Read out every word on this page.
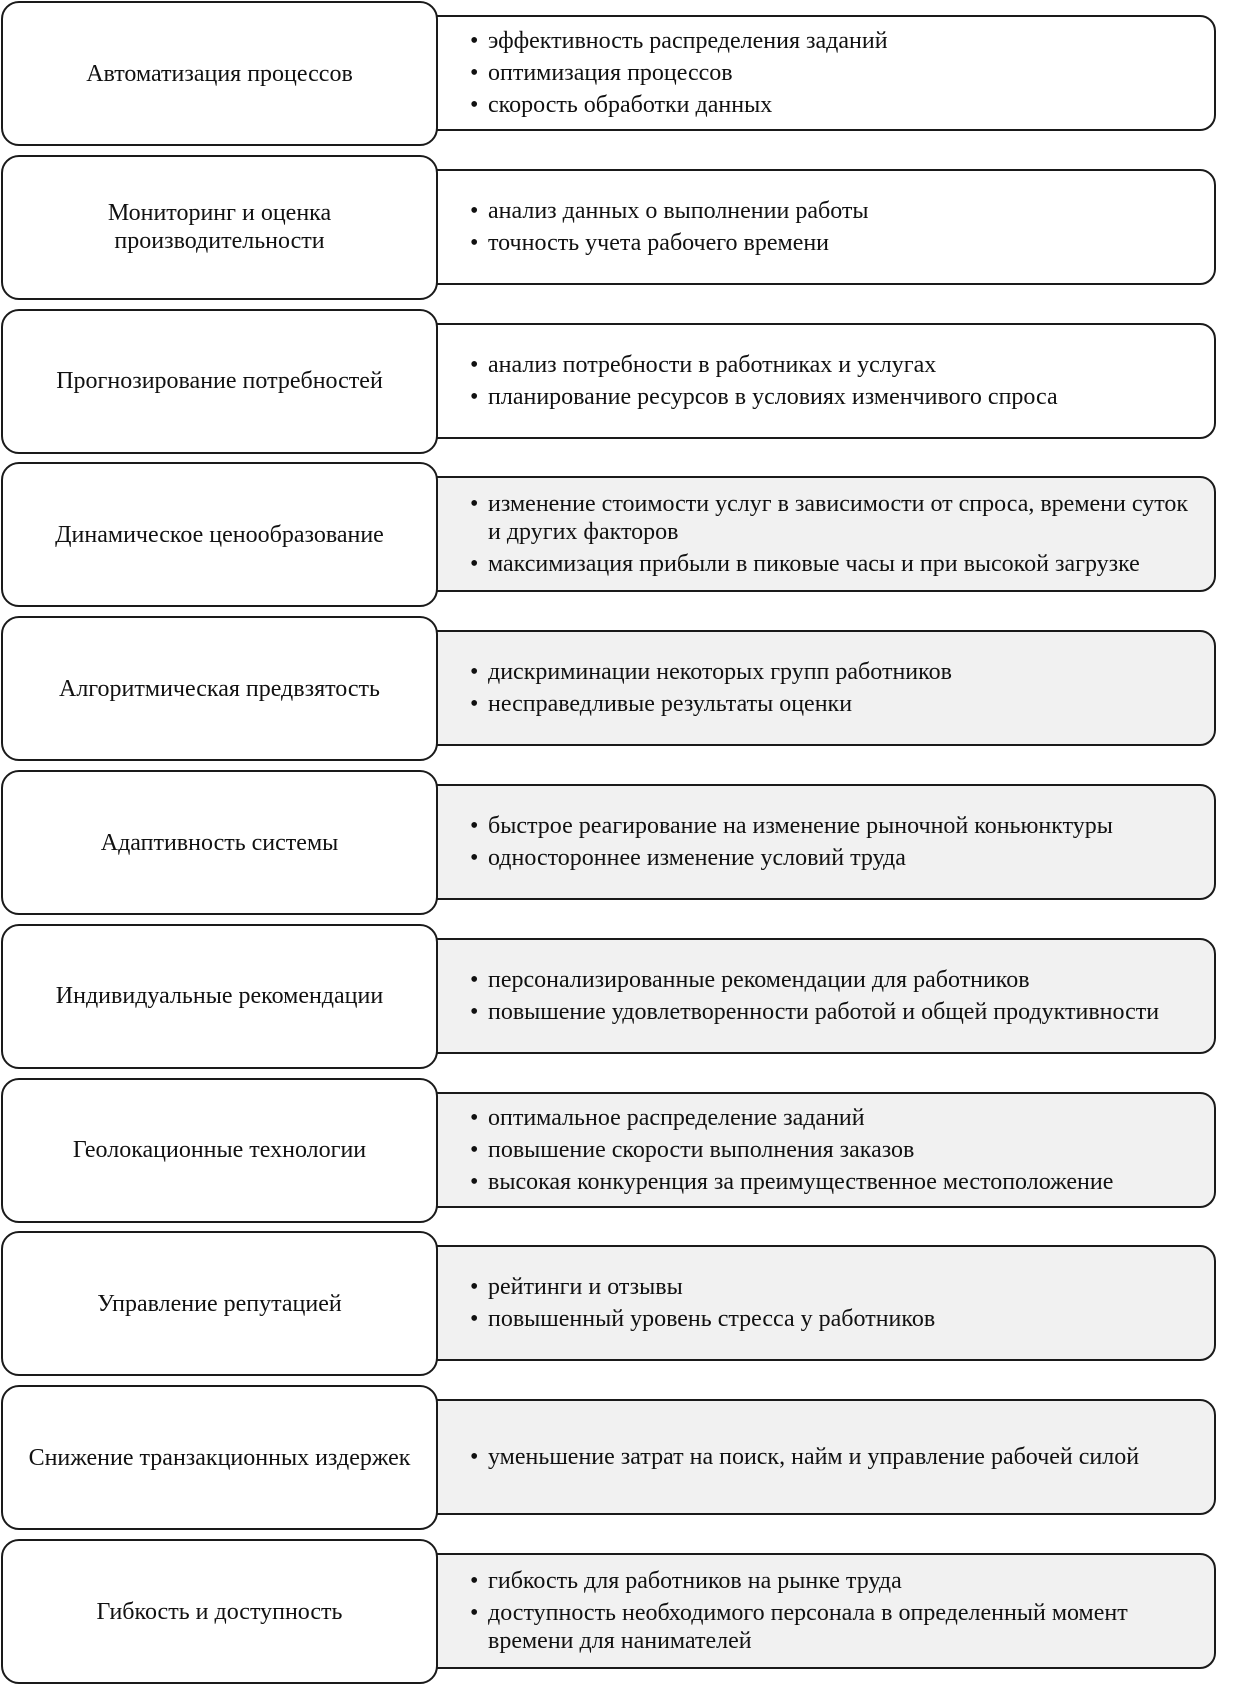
• эффективность распределения заданий
• оптимизация процессов
• скорость обработки данных
Автоматизация процессов
• анализ данных о выполнении работы
• точность учета рабочего времени
Мониторинг и оценка производительности
• анализ потребности в работниках и услугах
• планирование ресурсов в условиях изменчивого спроса
Прогнозирование потребностей
• изменение стоимости услуг в зависимости от спроса, времени суток и других факторов
• максимизация прибыли в пиковые часы и при высокой загрузке
Динамическое ценообразование
• дискриминации некоторых групп работников
• несправедливые результаты оценки
Алгоритмическая предвзятость
• быстрое реагирование на изменение рыночной коньюнктуры
• одностороннее изменение условий труда
Адаптивность системы
• персонализированные рекомендации для работников
• повышение удовлетворенности работой и общей продуктивности
Индивидуальные рекомендации
• оптимальное распределение заданий
• повышение скорости выполнения заказов
• высокая конкуренция за преимущественное местоположение
Геолокационные технологии
• рейтинги и отзывы
• повышенный уровень стресса у работников
Управление репутацией
• уменьшение затрат на поиск, найм и управление рабочей силой
Снижение транзакционных издержек
• гибкость для работников на рынке труда
• доступность необходимого персонала в определенный момент времени для нанимателей
Гибкость и доступность
